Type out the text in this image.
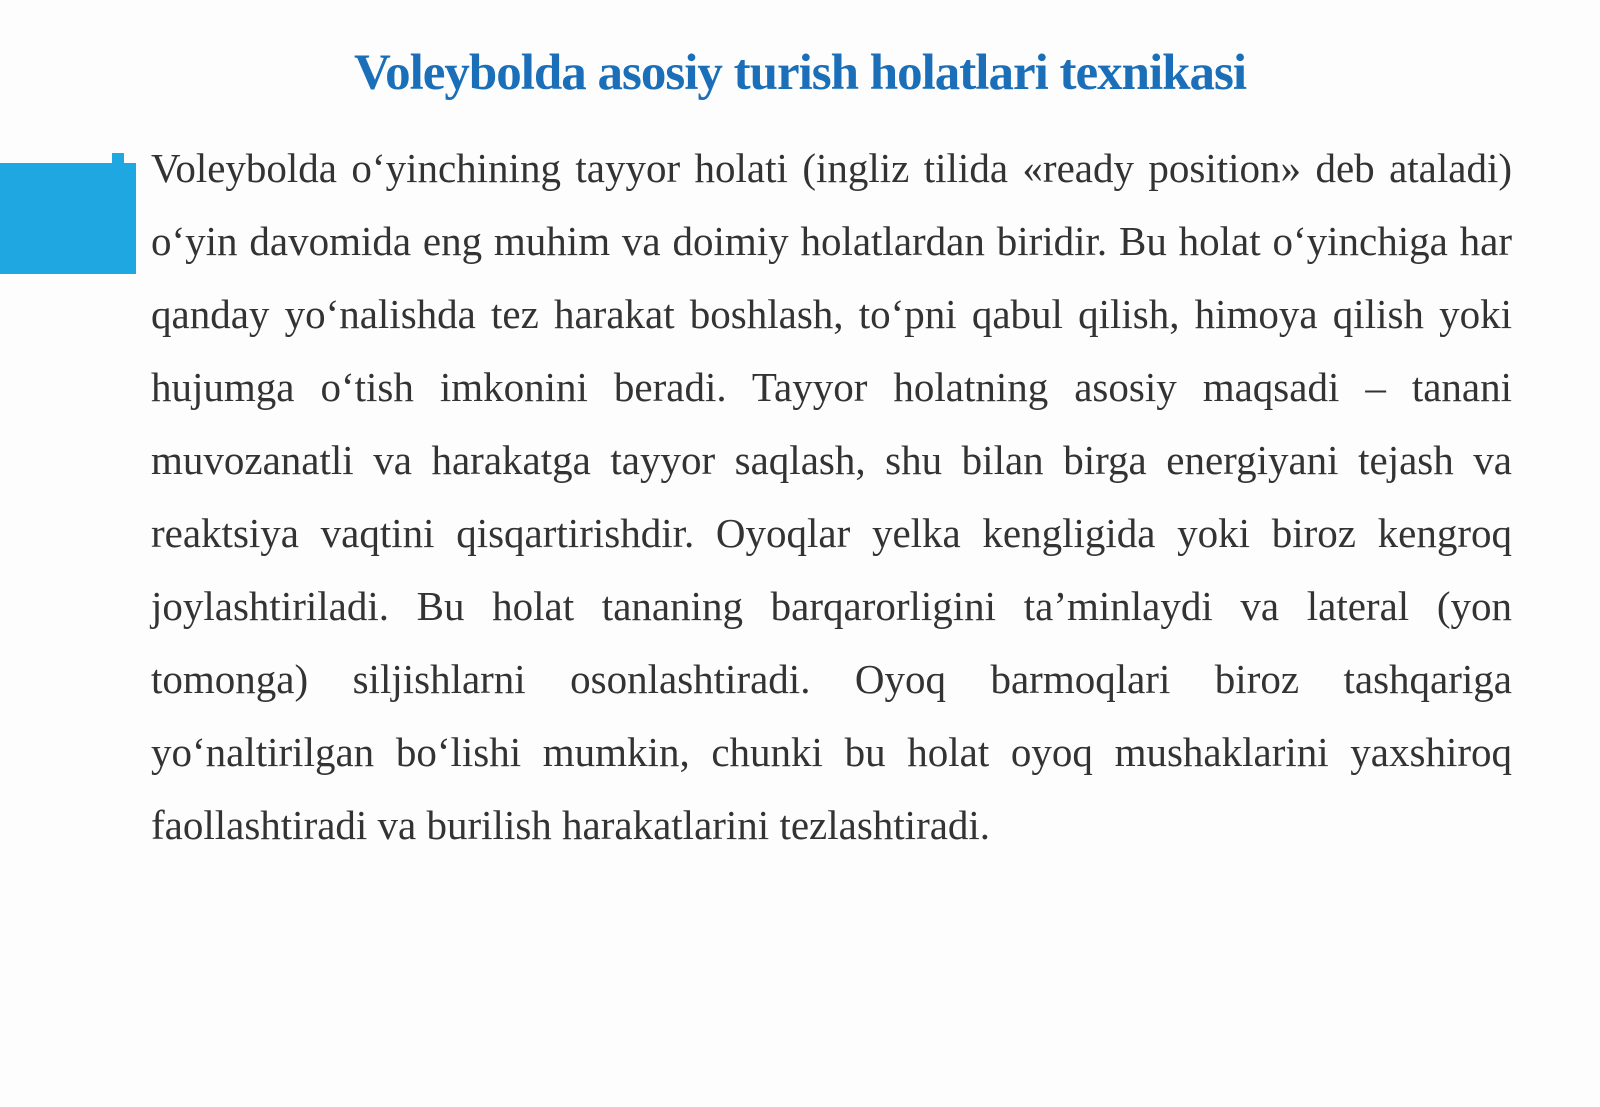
Voleybolda asosiy turish holatlari texnikasi

Voleybolda o‘yinchining tayyor holati (ingliz tilida «ready position» deb ataladi) o‘yin davomida eng muhim va doimiy holatlardan biridir. Bu holat o‘yinchiga har qanday yo‘nalishda tez harakat boshlash, to‘pni qabul qilish, himoya qilish yoki hujumga o‘tish imkonini beradi. Tayyor holatning asosiy maqsadi – tanani muvozanatli va harakatga tayyor saqlash, shu bilan birga energiyani tejash va reaktsiya vaqtini qisqartirishdir. Oyoqlar yelka kengligida yoki biroz kengroq joylashtiriladi. Bu holat tananing barqarorligini ta’minlaydi va lateral (yon tomonga) siljishlarni osonlashtiradi. Oyoq barmoqlari biroz tashqariga yo‘naltirilgan bo‘lishi mumkin, chunki bu holat oyoq mushaklarini yaxshiroq faollashtiradi va burilish harakatlarini tezlashtiradi.
